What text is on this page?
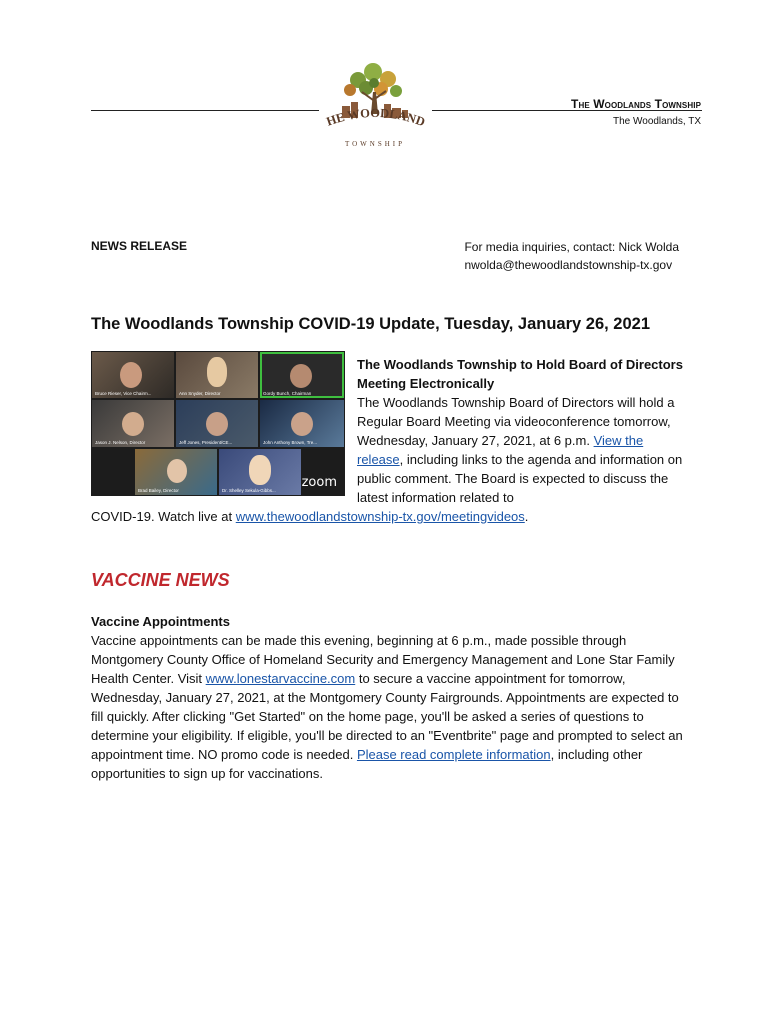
HE WOODLAND
TOWNSHIP
The Woodlands Township
The Woodlands, TX
NEWS RELEASE	For media inquiries, contact: Nick Wolda
nwolda@thewoodlandstownship-tx.gov
The Woodlands Township COVID-19 Update, Tuesday, January 26, 2021
Bruce Rieser, Vice Chairm...	Ann Snyder, Director	Gordy Bunch, Chairman
Jason J. Nelson, Director	Jeff Jones, President/CE...	John Anthony Brown, Tre...
Brad Bailey, Director	Dr. Shelley Sekula-Gibbs...
zoom
The Woodlands Township to Hold Board of Directors Meeting Electronically
The Woodlands Township Board of Directors will hold a Regular Board Meeting via videoconference tomorrow, Wednesday, January 27, 2021, at 6 p.m. View the release, including links to the agenda and information on public comment. The Board is expected to discuss the latest information related to
COVID-19. Watch live at www.thewoodlandstownship-tx.gov/meetingvideos.
VACCINE NEWS
Vaccine Appointments
Vaccine appointments can be made this evening, beginning at 6 p.m., made possible through Montgomery County Office of Homeland Security and Emergency Management and Lone Star Family Health Center. Visit www.lonestarvaccine.com to secure a vaccine appointment for tomorrow, Wednesday, January 27, 2021, at the Montgomery County Fairgrounds. Appointments are expected to fill quickly. After clicking "Get Started" on the home page, you'll be asked a series of questions to determine your eligibility. If eligible, you'll be directed to an "Eventbrite" page and prompted to select an appointment time. NO promo code is needed. Please read complete information, including other opportunities to sign up for vaccinations.
